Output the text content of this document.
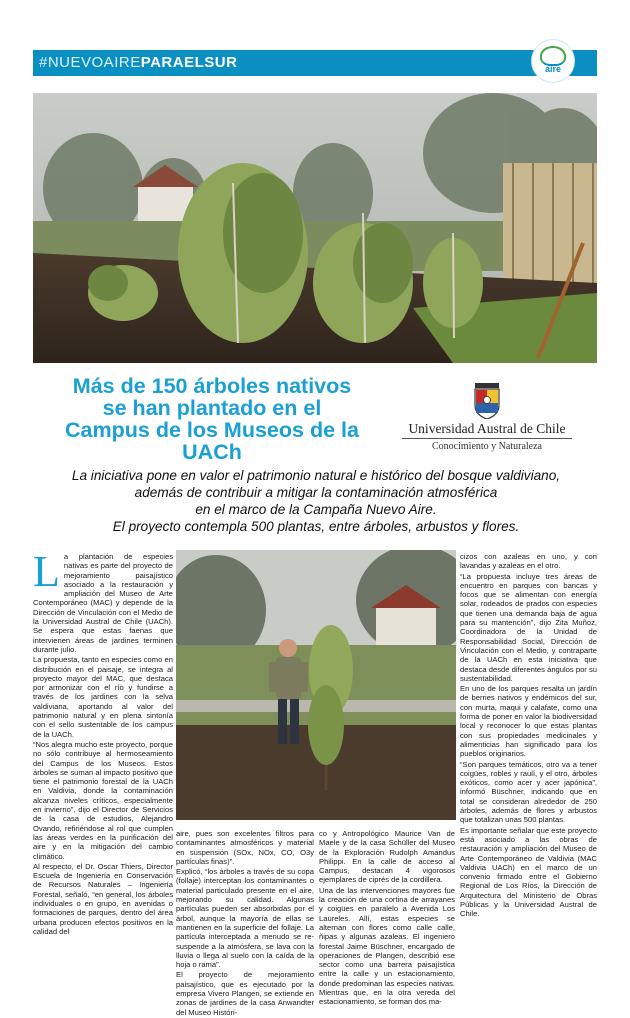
#NUEVOAIREPARAELSUR	aire
Más de 150 árboles nativos se han plantado en el Campus de los Museos de la UACh
Universidad Austral de Chile
Conocimiento y Naturaleza

La iniciativa pone en valor el patrimonio natural e histórico del bosque valdiviano,

además de contribuir a mitigar la contaminación atmosférica

en el marco de la Campaña Nuevo Aire.

El proyecto contempla 500 plantas, entre árboles, arbustos y flores.

L a plantación de especies nativas es parte del proyecto de mejoramiento paisajístico asociado a la restauración y ampliación del Museo de Arte Contemporáneo (MAC) y depende de la Dirección de Vinculación con el Medio de la Universidad Austral de Chile (UACh). Se espera que estas faenas que intervienen áreas de jardines terminen durante julio.

La propuesta, tanto en especies como en distribución en el paisaje, se integra al proyecto mayor del MAC, que destaca por armonizar con el río y fundirse a través de los jardines con la selva valdiviana, aportando al valor del patrimonio natural y en plena sintonía con el sello sustentable de los campus de la UACh.

“Nos alegra mucho este proyecto, porque no sólo contribuye al hermoseamiento del Campus de los Museos. Estos árboles se suman al impacto positivo que tiene el patrimonio forestal de la UACh en Valdivia, donde la contaminación alcanza niveles críticos, especialmente en invierno”, dijo el Director de Servicios de la casa de estudios, Alejandro Ovando, refiriéndose al rol que cumplen las áreas verdes en la purificación del aire y en la mitigación del cambio climático.

Al respecto, el Dr. Oscar Thiers, Director Escuela de Ingeniería en Conservación de Recursos Naturales – Ingeniería Forestal, señaló, “en general, los árboles individuales o en grupo, en avenidas o formaciones de parques, dentro del área urbana producen efectos positivos en la calidad del

aire, pues son excelentes filtros para contaminantes atmosféricos y material en suspensión (SOx, NOx, CO, O3y partículas finas)”.

Explicó, “los árboles a través de su copa (follaje) interceptan los contaminantes o material particulado presente en el aire, mejorando su calidad. Algunas partículas pueden ser absorbidas por el árbol, aunque la mayoría de ellas se mantienen en la superficie del follaje. La partícula interceptada a menudo se re-suspende a la atmósfera, se lava con la lluvia o llega al suelo con la caída de la hoja o rama”.

El proyecto de mejoramiento paisajístico, que es ejecutado por la empresa Vivero Plangen, se extiende en zonas de jardines de la casa Anwandter del Museo Históri-

co y Antropológico Maurice Van de Maele y de la casa Schüller del Museo de la Exploración Rudolph Amandus Philippi. En la calle de acceso al Campus, destacan 4 vigorosos ejemplares de ciprés de la cordillera.

Una de las intervenciones mayores fue la creación de una cortina de arrayanes y coigües en paralelo a Avenida Los Laureles. Allí, estas especies se alternan con flores como calle calle, ñipas y algunas azaleas. El ingeniero forestal Jaime Büschner, encargado de operaciones de Plangen, describió ese sector como una barrera paisajística entre la calle y un estacionamiento, donde predominan las especies nativas. Mientras que, en la otra vereda del estacionamiento, se forman dos ma-

cizos con azaleas en uno, y con lavandas y azaleas en el otro.

“La propuesta incluye tres áreas de encuentro en parques con bancas y focos que se alimentan con energía solar, rodeados de prados con especies que tienen una demanda baja de agua para su mantención”, dijo Zita Muñoz, Coordinadora de la Unidad de Responsabilidad Social, Dirección de Vinculación con el Medio, y contraparte de la UACh en esta iniciativa que destaca desde diferentes ángulos por su sustentabilidad.

En uno de los parques resalta un jardín de berries nativos y endémicos del sur, con murta, maqui y calafate, como una forma de poner en valor la biodiversidad local y reconocer lo que estas plantas con sus propiedades medicinales y alimenticias han significado para los pueblos originarios.

“Son parques temáticos, otro va a tener coigües, robles y raulí, y el otro, árboles exóticos, como acer y acer japónica”, informó Büschner, indicando que en total se consideran alrededor de 250 árboles, además de flores y arbustos que totalizan unas 500 plantas.

Es importante señalar que este proyecto está asociado a las obras de restauración y ampliación del Museo de Arte Contemporáneo de Valdivia (MAC Valdivia UACh) en el marco de un convenio firmado entre el Gobierno Regional de Los Ríos, la Dirección de Arquitectura del Ministerio de Obras Públicas y la Universidad Austral de Chile.
